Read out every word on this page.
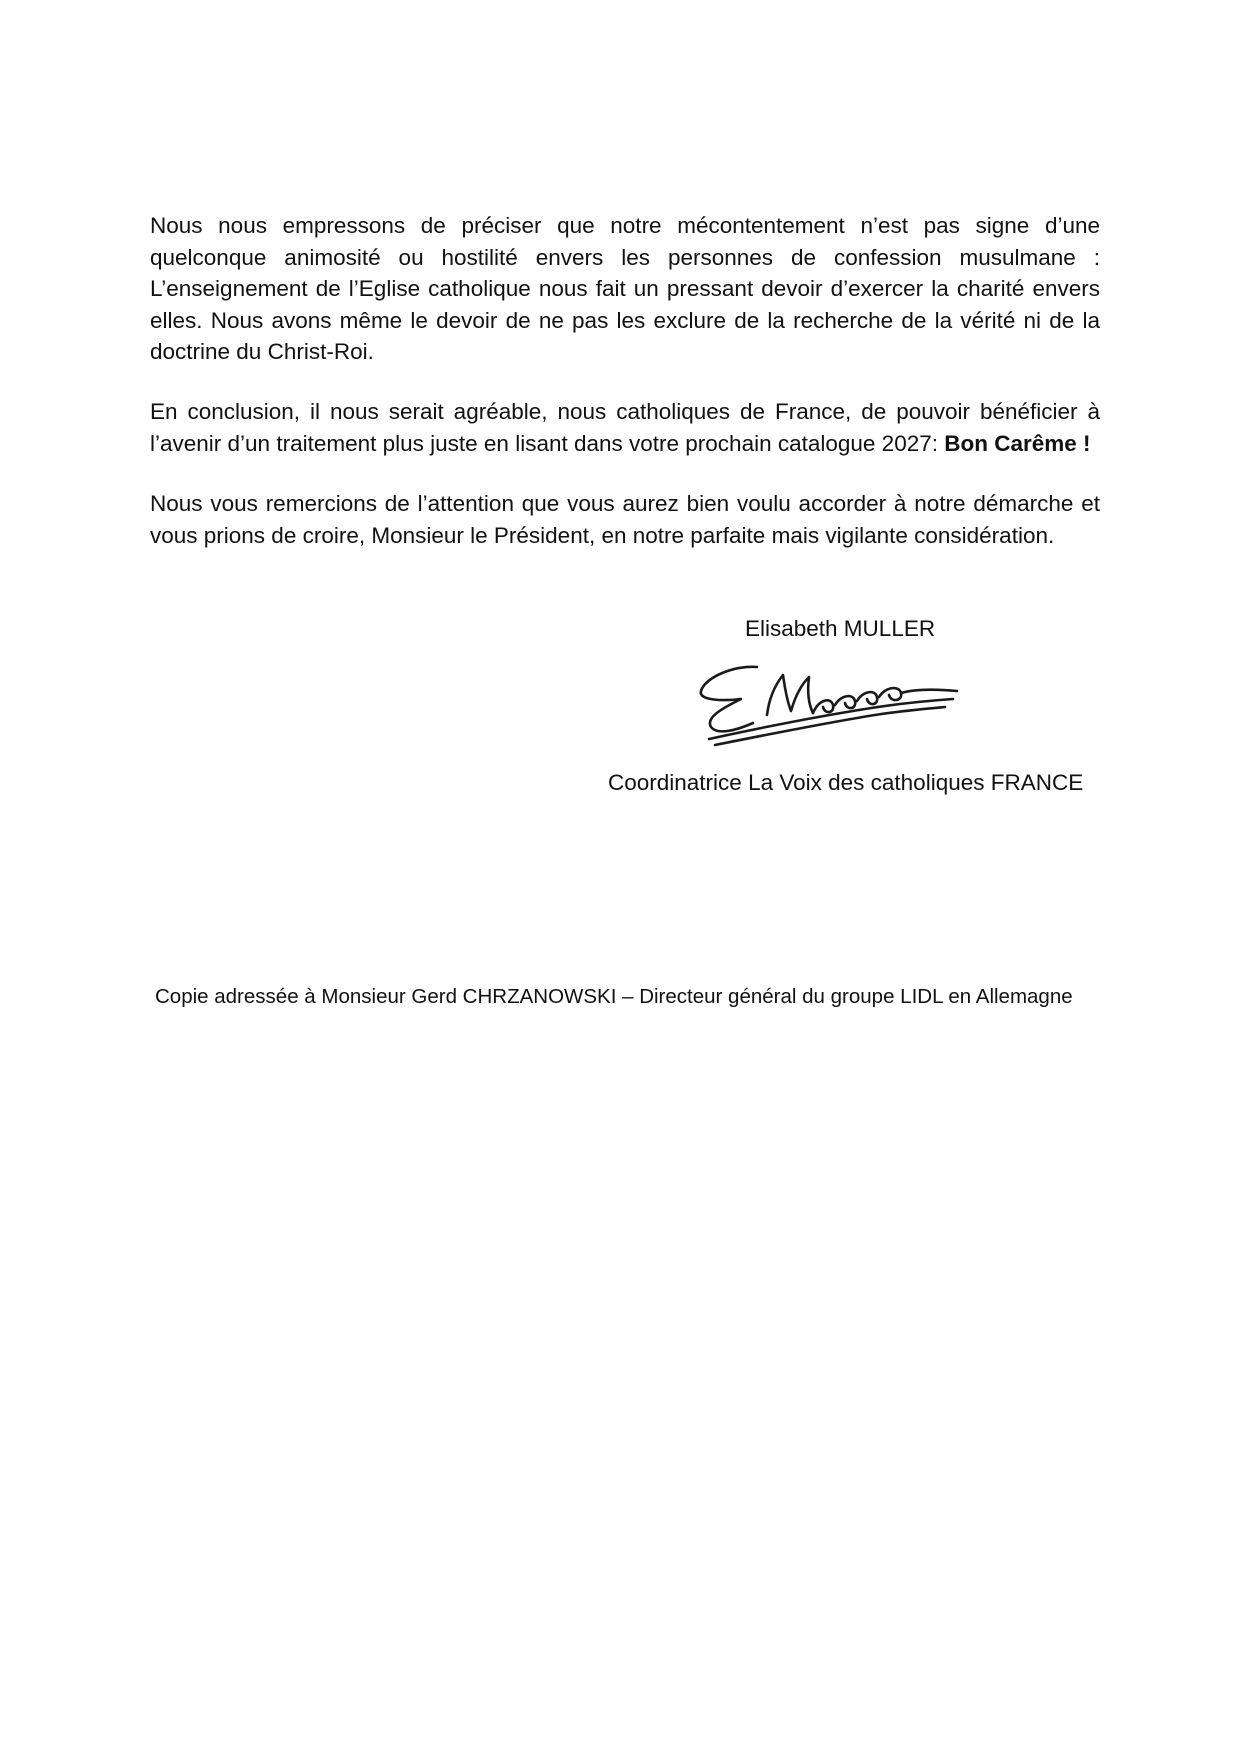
Nous nous empressons de préciser que notre mécontentement n’est pas signe d’une quelconque animosité ou hostilité envers les personnes de confession musulmane : L’enseignement de l’Eglise catholique nous fait un pressant devoir d’exercer la charité envers elles. Nous avons même le devoir de ne pas les exclure de la recherche de la vérité ni de la doctrine du Christ-Roi.

En conclusion, il nous serait agréable, nous catholiques de France, de pouvoir bénéficier à l’avenir d’un traitement plus juste en lisant dans votre prochain catalogue 2027: Bon Carême !

Nous vous remercions de l’attention que vous aurez bien voulu accorder à notre démarche et vous prions de croire, Monsieur le Président, en notre parfaite mais vigilante considération.

Elisabeth MULLER

Coordinatrice La Voix des catholiques FRANCE

Copie adressée à Monsieur Gerd CHRZANOWSKI – Directeur général du groupe LIDL en Allemagne
